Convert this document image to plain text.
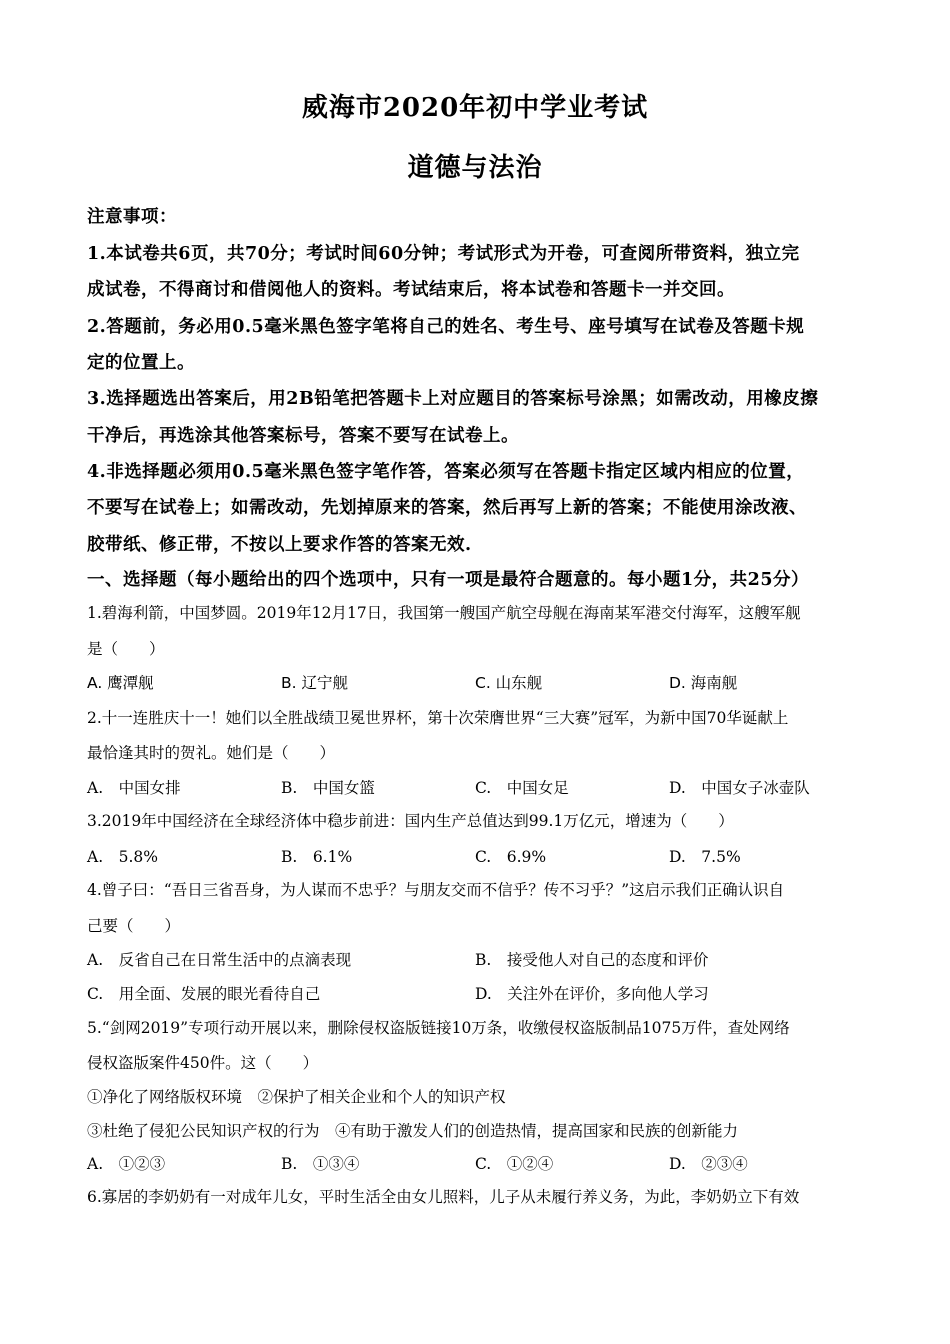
威海市2020年初中学业考试
道德与法治
注意事项：
1.本试卷共6页，共70分；考试时间60分钟；考试形式为开卷，可查阅所带资料，独立完
成试卷，不得商讨和借阅他人的资料。考试结束后，将本试卷和答题卡一并交回。
2.答题前，务必用0.5毫米黑色签字笔将自己的姓名、考生号、座号填写在试卷及答题卡规
定的位置上。
3.选择题选出答案后，用2B铅笔把答题卡上对应题目的答案标号涂黑；如需改动，用橡皮擦
干净后，再选涂其他答案标号，答案不要写在试卷上。
4.非选择题必须用0.5毫米黑色签字笔作答，答案必须写在答题卡指定区域内相应的位置，
不要写在试卷上；如需改动，先划掉原来的答案，然后再写上新的答案；不能使用涂改液、
胶带纸、修正带，不按以上要求作答的答案无效.
一、选择题（每小题给出的四个选项中，只有一项是最符合题意的。每小题1分，共25分）
1.碧海利箭，中国梦圆。2019年12月17日，我国第一艘国产航空母舰在海南某军港交付海军，这艘军舰
是（　　）
A. 鹰潭舰	B. 辽宁舰	C. 山东舰	D. 海南舰
2.十一连胜庆十一！她们以全胜战绩卫冕世界杯，第十次荣膺世界“三大赛”冠军，为新中国70华诞献上
最恰逢其时的贺礼。她们是（　　）
A.　中国女排	B.　中国女篮	C.　中国女足	D.　中国女子冰壶队
3.2019年中国经济在全球经济体中稳步前进：国内生产总值达到99.1万亿元，增速为（　　）
A.　5.8%	B.　6.1%	C.　6.9%	D.　7.5%
4.曾子曰：“吾日三省吾身，为人谋而不忠乎？与朋友交而不信乎？传不习乎？”这启示我们正确认识自
己要（　　）
A.　反省自己在日常生活中的点滴表现	B.　接受他人对自己的态度和评价
C.　用全面、发展的眼光看待自己	D.　关注外在评价，多向他人学习
5.“剑网2019”专项行动开展以来，删除侵权盗版链接10万条，收缴侵权盗版制品1075万件，查处网络
侵权盗版案件450件。这（　　）
①净化了网络版权环境　②保护了相关企业和个人的知识产权
③杜绝了侵犯公民知识产权的行为　④有助于激发人们的创造热情，提高国家和民族的创新能力
A.　①②③	B.　①③④	C.　①②④	D.　②③④
6.寡居的李奶奶有一对成年儿女，平时生活全由女儿照料，儿子从未履行养义务，为此，李奶奶立下有效
